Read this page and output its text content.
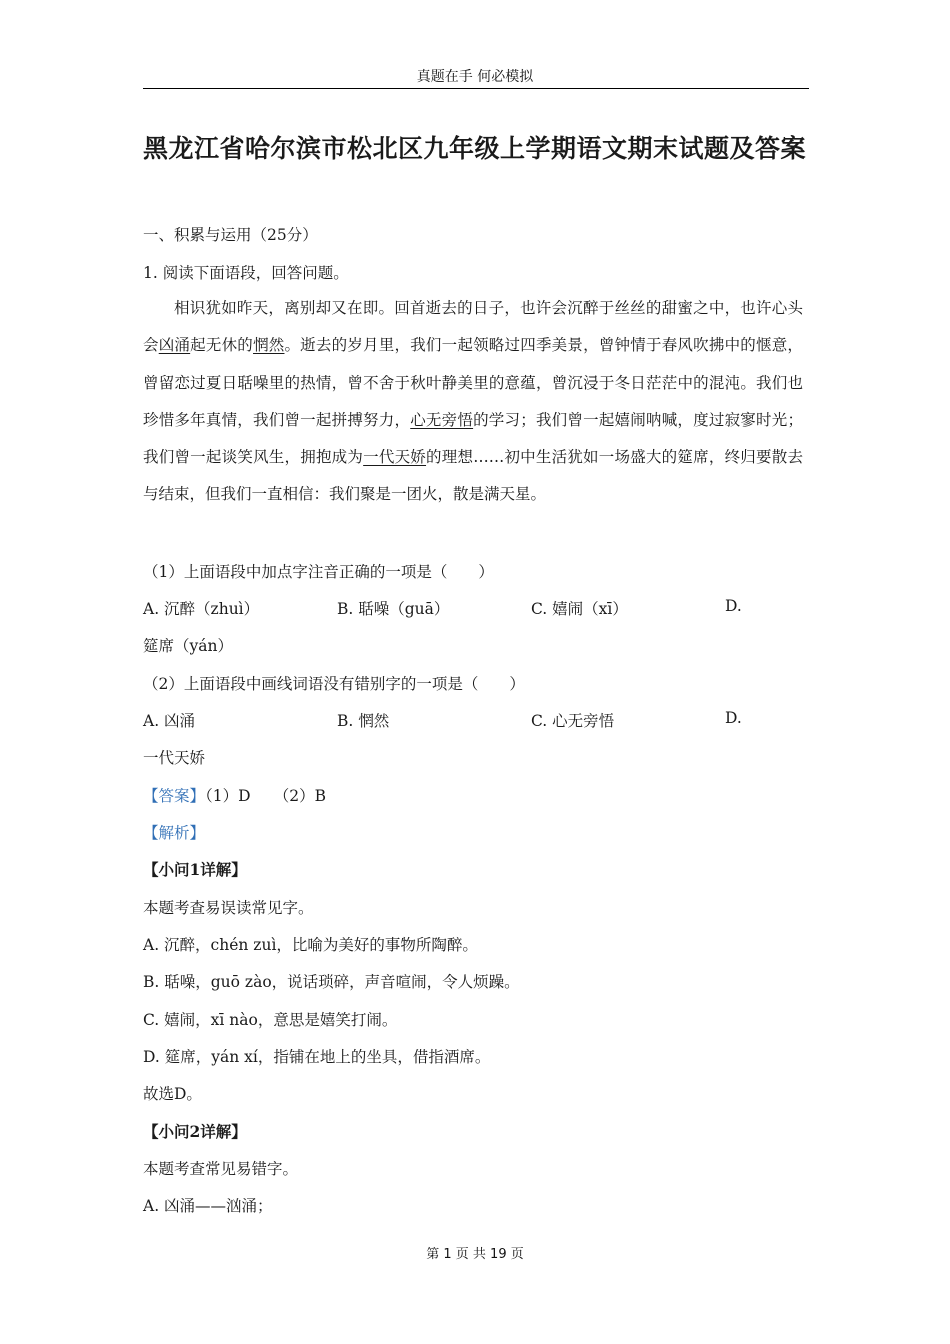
真题在手 何必模拟
黑龙江省哈尔滨市松北区九年级上学期语文期末试题及答案
一、积累与运用（25分）
1. 阅读下面语段，回答问题。

相识犹如昨天，离别却又在即。回首逝去的日子，也许会沉醉于丝丝的甜蜜之中，也许心头会凶涌起无休的惘然。逝去的岁月里，我们一起领略过四季美景，曾钟情于春风吹拂中的惬意，曾留恋过夏日聒噪里的热情，曾不舍于秋叶静美里的意蕴，曾沉浸于冬日茫茫中的混沌。我们也珍惜多年真情，我们曾一起拼搏努力，心无旁悟的学习；我们曾一起嬉闹呐喊，度过寂寥时光；我们曾一起谈笑风生，拥抱成为一代天娇的理想……初中生活犹如一场盛大的筵席，终归要散去与结束，但我们一直相信：我们聚是一团火，散是满天星。

（1）上面语段中加点字注音正确的一项是（　　）
A. 沉醉（zhuì）	B. 聒噪（guā）	C. 嬉闹（xī）	D.
筵席（yán）
（2）上面语段中画线词语没有错别字的一项是（　　）
A. 凶涌	B. 惘然	C. 心无旁悟	D.
一代天娇
【答案】（1）D　　（2）B
【解析】
【小问1详解】
本题考查易误读常见字。
A. 沉醉，chén zuì，比喻为美好的事物所陶醉。
B. 聒噪，guō zào，说话琐碎，声音喧闹，令人烦躁。
C. 嬉闹，xī nào，意思是嬉笑打闹。
D. 筵席，yán xí，指铺在地上的坐具，借指酒席。
故选D。
【小问2详解】
本题考查常见易错字。
A. 凶涌——汹涌；
第 1 页 共 19 页
